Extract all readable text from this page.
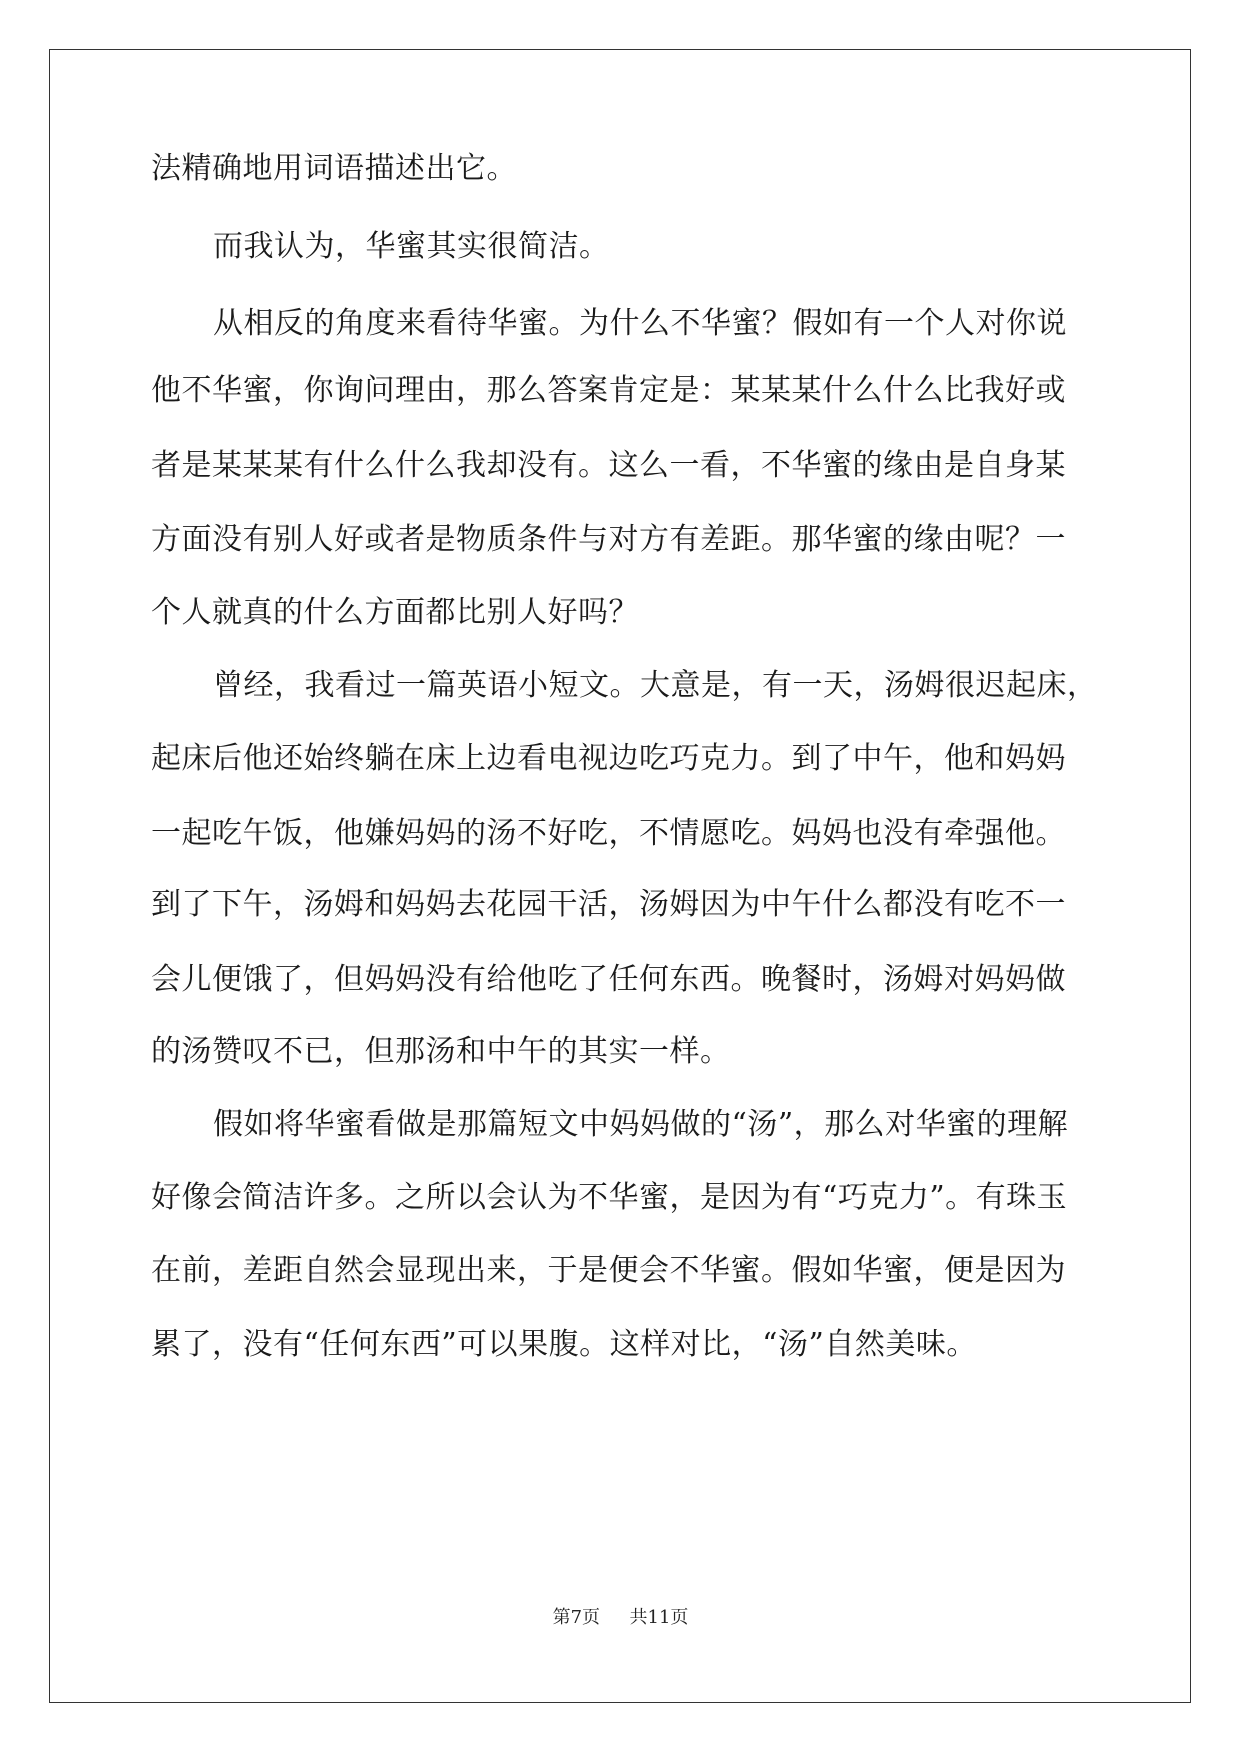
法精确地用词语描述出它。
而我认为，华蜜其实很简洁。
从相反的角度来看待华蜜。为什么不华蜜？假如有一个人对你说
他不华蜜，你询问理由，那么答案肯定是：某某某什么什么比我好或
者是某某某有什么什么我却没有。这么一看，不华蜜的缘由是自身某
方面没有别人好或者是物质条件与对方有差距。那华蜜的缘由呢？一
个人就真的什么方面都比别人好吗？
曾经，我看过一篇英语小短文。大意是，有一天，汤姆很迟起床，
起床后他还始终躺在床上边看电视边吃巧克力。到了中午，他和妈妈
一起吃午饭，他嫌妈妈的汤不好吃，不情愿吃。妈妈也没有牵强他。
到了下午，汤姆和妈妈去花园干活，汤姆因为中午什么都没有吃不一
会儿便饿了，但妈妈没有给他吃了任何东西。晚餐时，汤姆对妈妈做
的汤赞叹不已，但那汤和中午的其实一样。
假如将华蜜看做是那篇短文中妈妈做的“汤”，那么对华蜜的理解
好像会简洁许多。之所以会认为不华蜜，是因为有“巧克力”。有珠玉
在前，差距自然会显现出来，于是便会不华蜜。假如华蜜，便是因为
累了，没有“任何东西”可以果腹。这样对比，“汤”自然美味。
第7页 共11页
